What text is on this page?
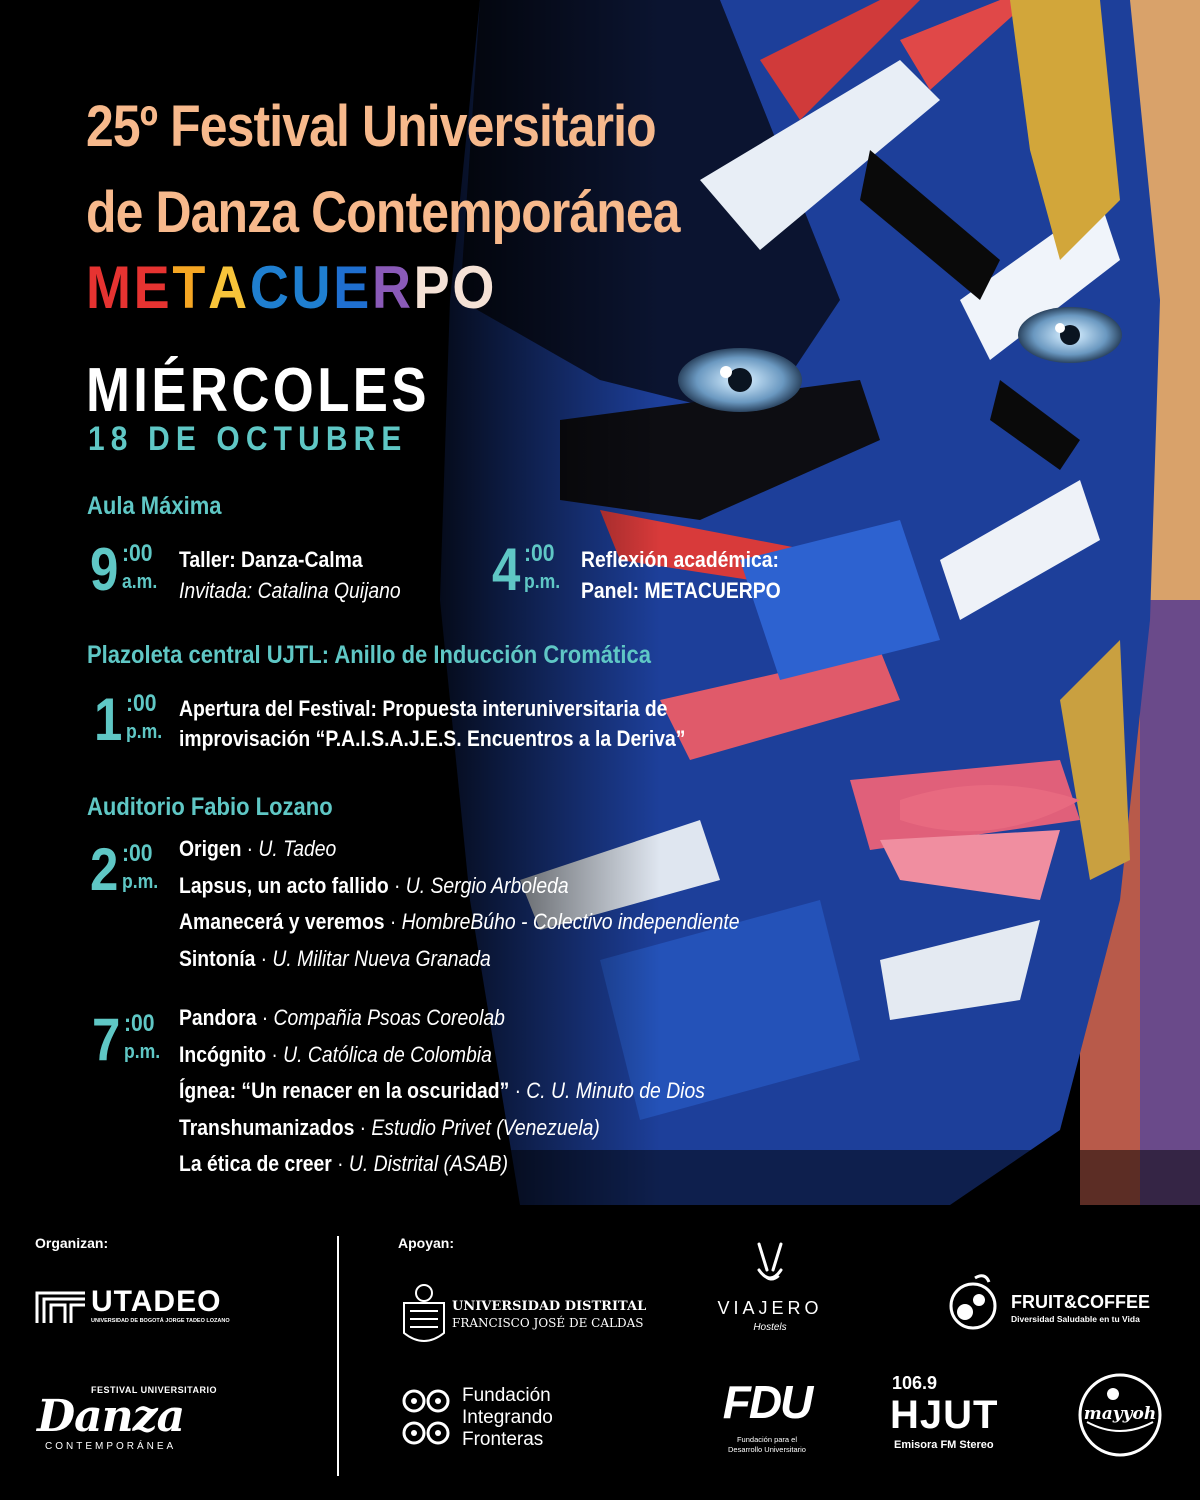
25º Festival Universitario
de Danza Contemporánea
METACUERPO
MIÉRCOLES
18 DE OCTUBRE
Aula Máxima
9 :00
a.m.
Taller: Danza-Calma
Invitada: Catalina Quijano 4 :00
p.m.
Reflexión académica:
Panel: METACUERPO
Plazoleta central UJTL: Anillo de Inducción Cromática
1 :00
p.m.
Apertura del Festival: Propuesta interuniversitaria de
improvisación “P.A.I.S.A.J.E.S. Encuentros a la Deriva”
Auditorio Fabio Lozano
2 :00
p.m.
Origen · U. Tadeo
Lapsus, un acto fallido · U. Sergio Arboleda
Amanecerá y veremos · HombreBúho - Colectivo independiente
Sintonía · U. Militar Nueva Granada
7 :00
p.m.
Pandora · Compañia Psoas Coreolab
Incógnito · U. Católica de Colombia
Ígnea: “Un renacer en la oscuridad” · C. U. Minuto de Dios
Transhumanizados · Estudio Privet (Venezuela)
La ética de creer · U. Distrital (ASAB)
Organizan:	Apoyan:
UTADEO
UNIVERSIDAD DE BOGOTÁ JORGE TADEO LOZANO
FESTIVAL UNIVERSITARIO
Danza
CONTEMPORÁNEA
UNIVERSIDAD DISTRITAL
FRANCISCO JOSÉ DE CALDAS
VIAJERO
Hostels
FRUIT&COFFEE
Diversidad Saludable en tu Vida
Fundación
Integrando
Fronteras
FDU
Fundación para el
Desarrollo Universitario
106.9
HJUT
Emisora FM Stereo
mayyoh
